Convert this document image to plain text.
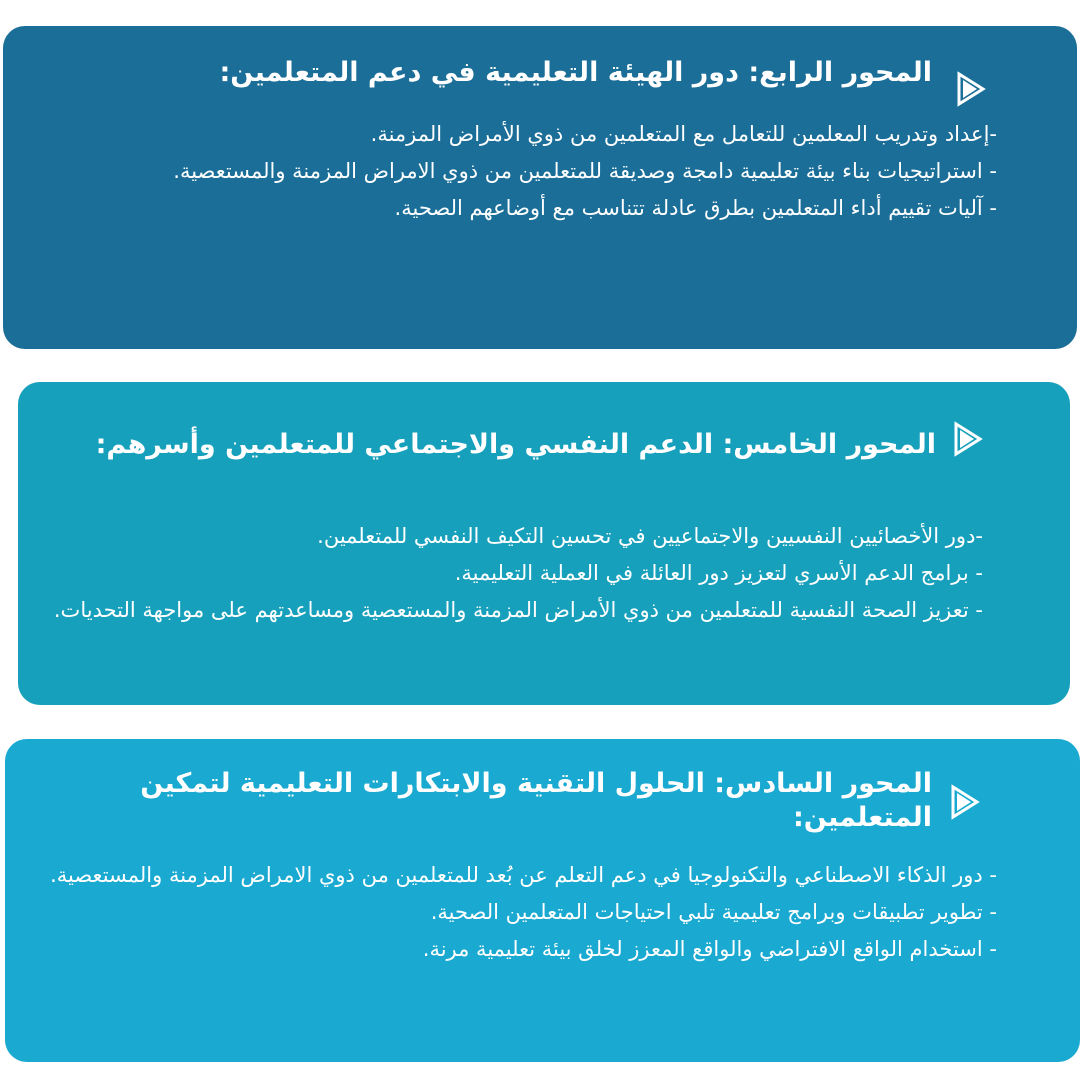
المحور الرابع: دور الهيئة التعليمية في دعم المتعلمين:
-إعداد وتدريب المعلمين للتعامل مع المتعلمين من ذوي الأمراض المزمنة.
- استراتيجيات بناء بيئة تعليمية دامجة وصديقة للمتعلمين من ذوي الامراض المزمنة والمستعصية.
- آليات تقييم أداء المتعلمين بطرق عادلة تتناسب مع أوضاعهم الصحية.
المحور الخامس: الدعم النفسي والاجتماعي للمتعلمين وأسرهم:
-دور الأخصائيين النفسيين والاجتماعيين في تحسين التكيف النفسي للمتعلمين.
- برامج الدعم الأسري لتعزيز دور العائلة في العملية التعليمية.
- تعزيز الصحة النفسية للمتعلمين من ذوي الأمراض المزمنة والمستعصية ومساعدتهم على مواجهة التحديات.
المحور السادس: الحلول التقنية والابتكارات التعليمية لتمكين المتعلمين:
- دور الذكاء الاصطناعي والتكنولوجيا في دعم التعلم عن بُعد للمتعلمين من ذوي الامراض المزمنة والمستعصية.
- تطوير تطبيقات وبرامج تعليمية تلبي احتياجات المتعلمين الصحية.
- استخدام الواقع الافتراضي والواقع المعزز لخلق بيئة تعليمية مرنة.
